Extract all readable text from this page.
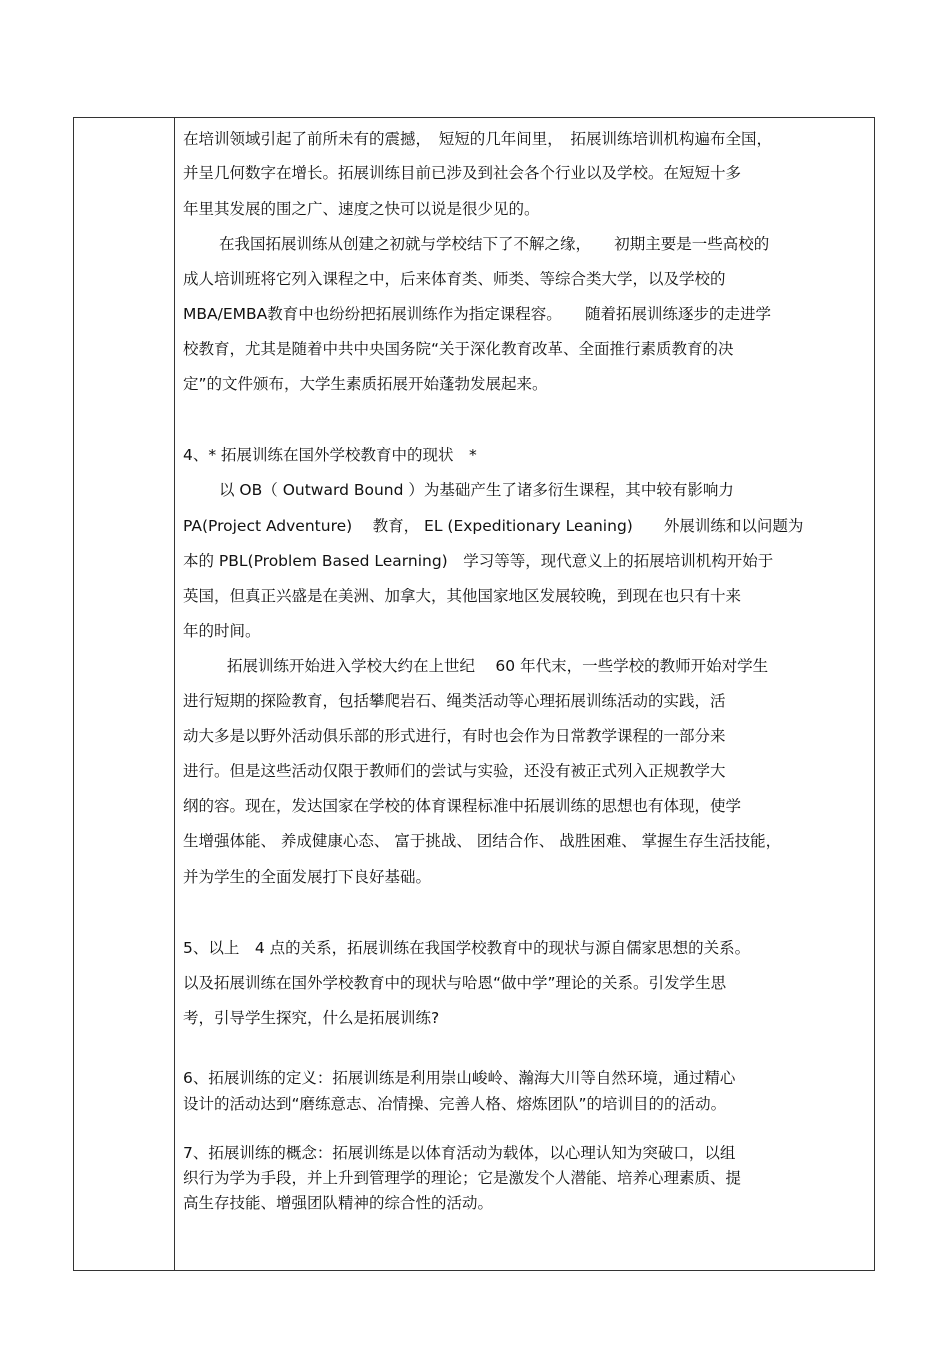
在培训领域引起了前所未有的震撼，　短短的几年间里，　拓展训练培训机构遍布全国，
并呈几何数字在增长。拓展训练目前已涉及到社会各个行业以及学校。在短短十多
年里其发展的围之广、速度之快可以说是很少见的。
在我国拓展训练从创建之初就与学校结下了不解之缘，　　初期主要是一些高校的
成人培训班将它列入课程之中，后来体育类、师类、等综合类大学，以及学校的
MBA/EMBA教育中也纷纷把拓展训练作为指定课程容。　　随着拓展训练逐步的走进学
校教育，尤其是随着中共中央国务院“关于深化教育改革、全面推行素质教育的决
定”的文件颁布，大学生素质拓展开始蓬勃发展起来。
4、* 拓展训练在国外学校教育中的现状　*
以 OB（ Outward Bound ）为基础产生了诸多衍生课程，其中较有影响力
PA(Project Adventure)　 教育， EL (Expeditionary Leaning)　　外展训练和以问题为
本的 PBL(Problem Based Learning)　学习等等，现代意义上的拓展培训机构开始于
英国，但真正兴盛是在美洲、加拿大，其他国家地区发展较晚，到现在也只有十来
年的时间。
拓展训练开始进入学校大约在上世纪　 60 年代末，一些学校的教师开始对学生
进行短期的探险教育，包括攀爬岩石、绳类活动等心理拓展训练活动的实践，活
动大多是以野外活动俱乐部的形式进行，有时也会作为日常教学课程的一部分来
进行。但是这些活动仅限于教师们的尝试与实验，还没有被正式列入正规教学大
纲的容。现在，发达国家在学校的体育课程标准中拓展训练的思想也有体现，使学
生增强体能、 养成健康心态、 富于挑战、 团结合作、 战胜困难、 掌握生存生活技能，
并为学生的全面发展打下良好基础。
5、以上　4 点的关系，拓展训练在我国学校教育中的现状与源自儒家思想的关系。
以及拓展训练在国外学校教育中的现状与哈恩“做中学”理论的关系。引发学生思
考，引导学生探究，什么是拓展训练?
6、拓展训练的定义：拓展训练是利用崇山峻岭、瀚海大川等自然环境，通过精心
设计的活动达到“磨练意志、冶情操、完善人格、熔炼团队”的培训目的的活动。
7、拓展训练的概念：拓展训练是以体育活动为载体，以心理认知为突破口，以组
织行为学为手段，并上升到管理学的理论；它是激发个人潜能、培养心理素质、提
高生存技能、增强团队精神的综合性的活动。
